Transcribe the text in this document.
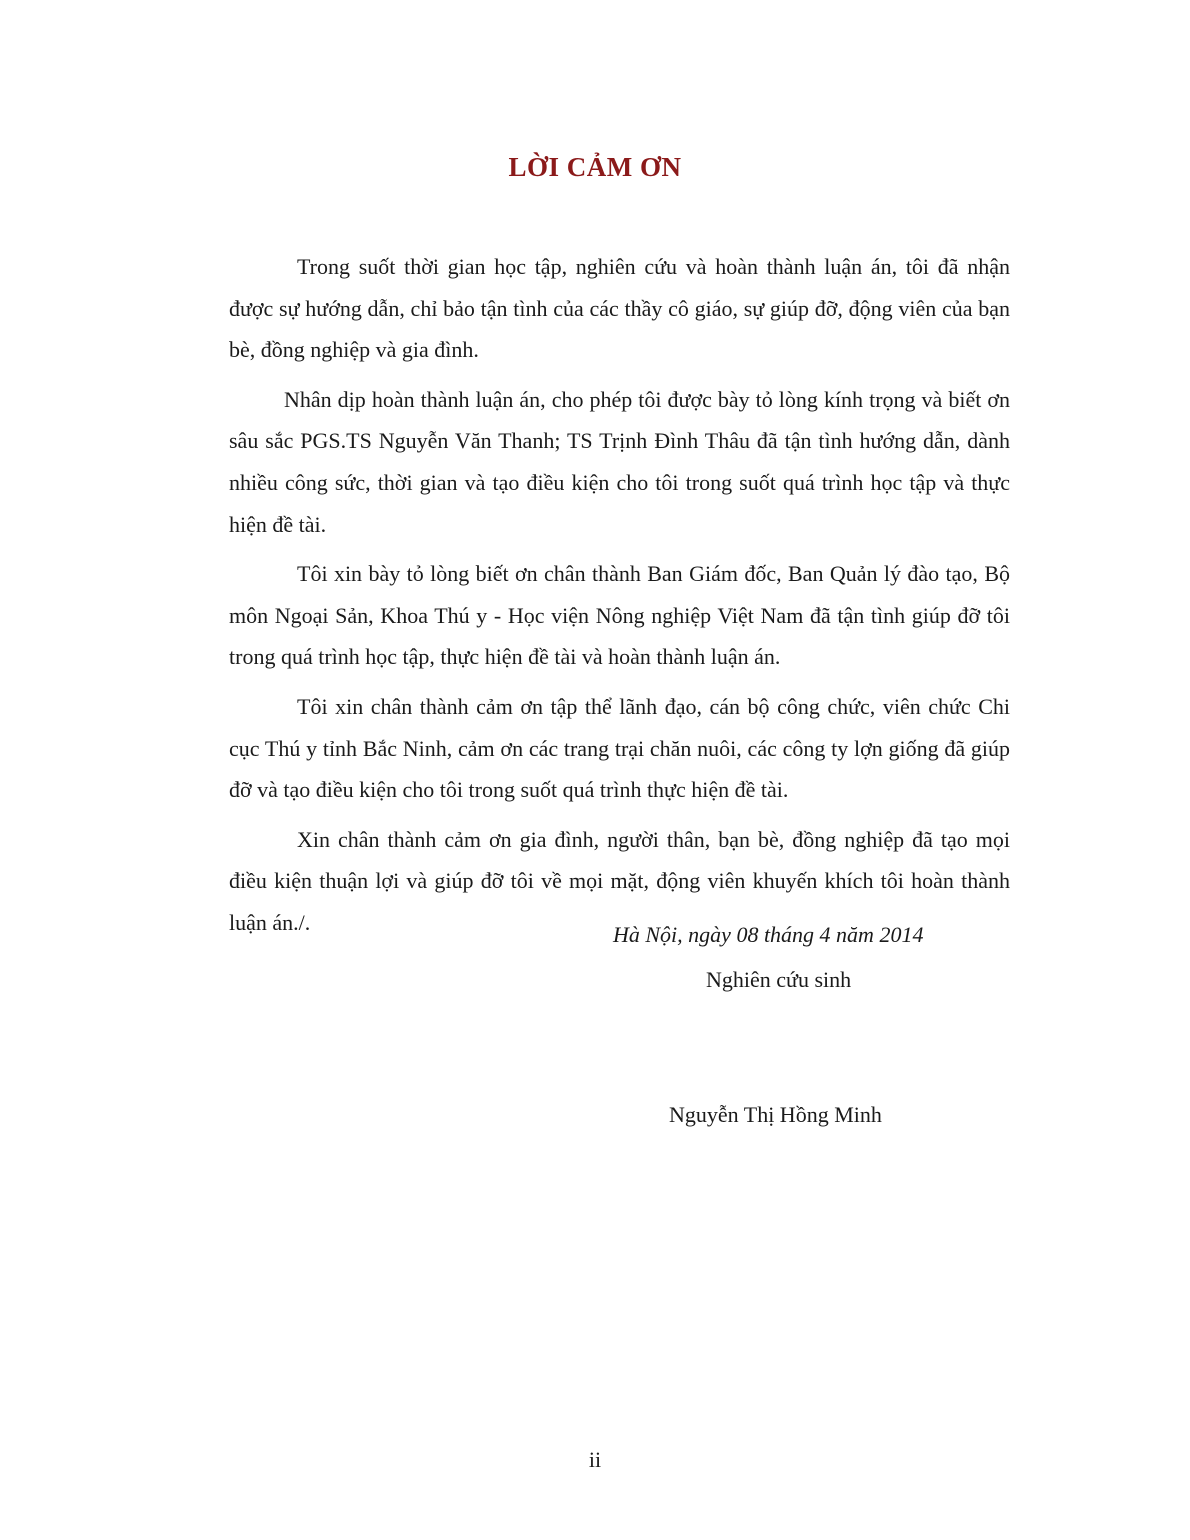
LỜI CẢM ƠN

Trong suốt thời gian học tập, nghiên cứu và hoàn thành luận án, tôi đã nhận được sự hướng dẫn, chỉ bảo tận tình của các thầy cô giáo, sự giúp đỡ, động viên của bạn bè, đồng nghiệp và gia đình.

Nhân dịp hoàn thành luận án, cho phép tôi được bày tỏ lòng kính trọng và biết ơn sâu sắc PGS.TS Nguyễn Văn Thanh; TS Trịnh Đình Thâu đã tận tình hướng dẫn, dành nhiều công sức, thời gian và tạo điều kiện cho tôi trong suốt quá trình học tập và thực hiện đề tài.

Tôi xin bày tỏ lòng biết ơn chân thành Ban Giám đốc, Ban Quản lý đào tạo, Bộ môn Ngoại Sản, Khoa Thú y - Học viện Nông nghiệp Việt Nam đã tận tình giúp đỡ tôi trong quá trình học tập, thực hiện đề tài và hoàn thành luận án.

Tôi xin chân thành cảm ơn tập thể lãnh đạo, cán bộ công chức, viên chức Chi cục Thú y tỉnh Bắc Ninh, cảm ơn các trang trại chăn nuôi, các công ty lợn giống đã giúp đỡ và tạo điều kiện cho tôi trong suốt quá trình thực hiện đề tài.

Xin chân thành cảm ơn gia đình, người thân, bạn bè, đồng nghiệp đã tạo mọi điều kiện thuận lợi và giúp đỡ tôi về mọi mặt, động viên khuyến khích tôi hoàn thành luận án./.	Hà Nội, ngày 08 tháng 4 năm 2014
Nghiên cứu sinh
Nguyễn Thị Hồng Minh
ii
